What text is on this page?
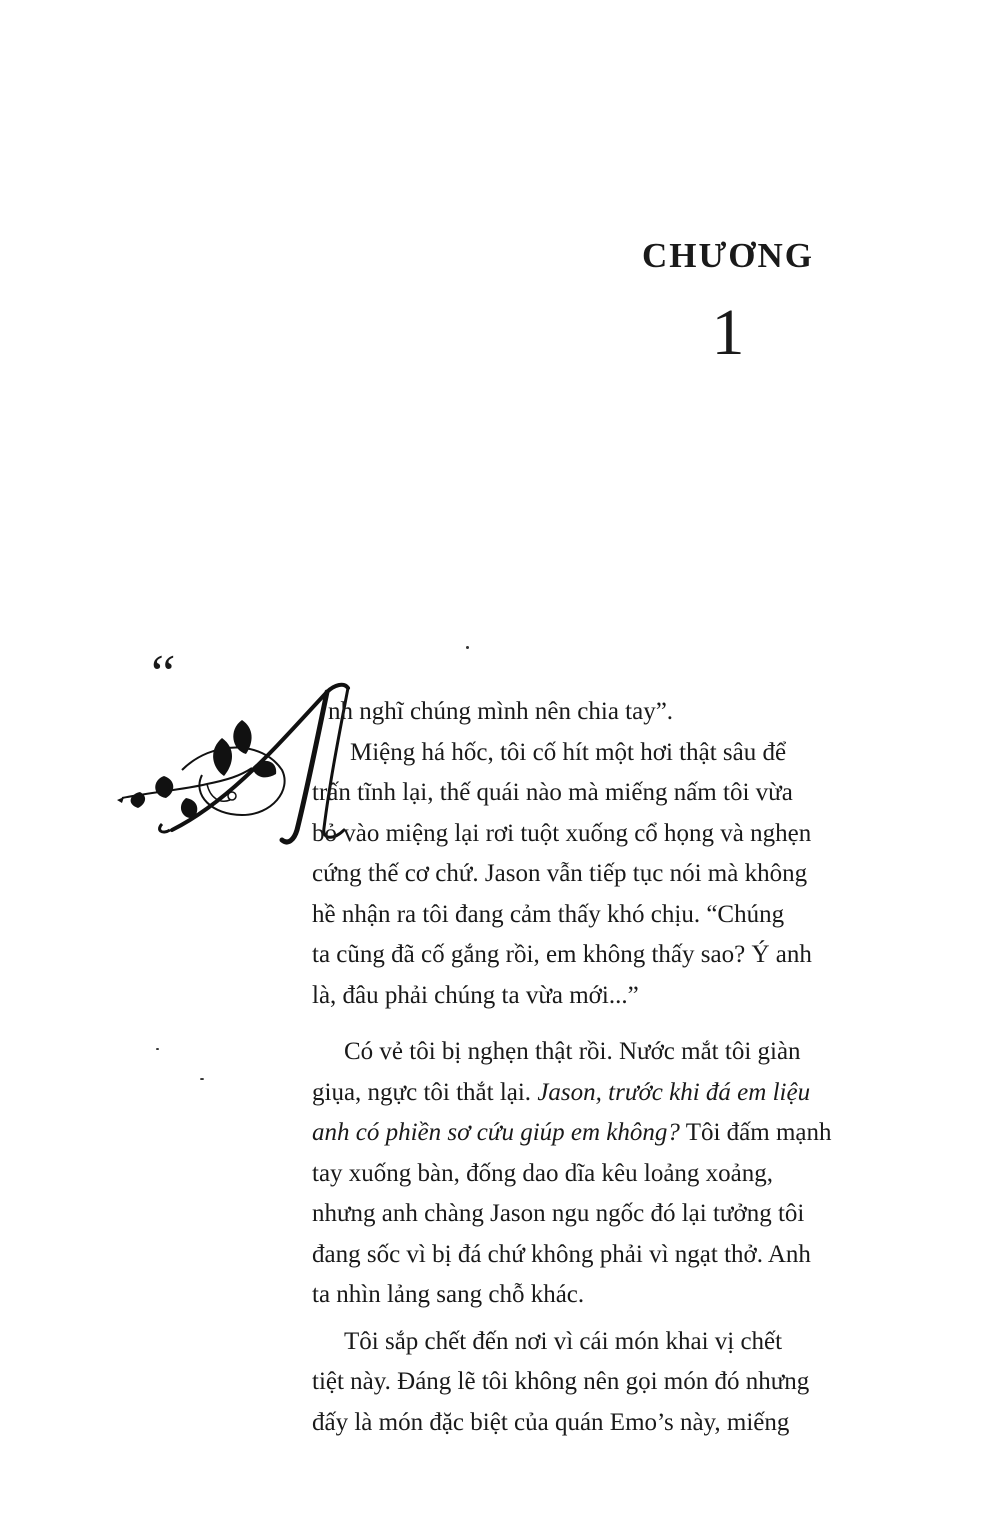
CHƯƠNG
1
‘‘
nh nghĩ chúng mình nên chia tay”.
Miệng há hốc, tôi cố hít một hơi thật sâu để
trấn tĩnh lại, thế quái nào mà miếng nấm tôi vừa
bỏ vào miệng lại rơi tuột xuống cổ họng và nghẹn
cứng thế cơ chứ. Jason vẫn tiếp tục nói mà không
hề nhận ra tôi đang cảm thấy khó chịu. “Chúng
ta cũng đã cố gắng rồi, em không thấy sao? Ý anh
là, đâu phải chúng ta vừa mới...”
Có vẻ tôi bị nghẹn thật rồi. Nước mắt tôi giàn
giụa, ngực tôi thắt lại. Jason, trước khi đá em liệu
anh có phiền sơ cứu giúp em không? Tôi đấm mạnh
tay xuống bàn, đống dao dĩa kêu loảng xoảng,
nhưng anh chàng Jason ngu ngốc đó lại tưởng tôi
đang sốc vì bị đá chứ không phải vì ngạt thở. Anh
ta nhìn lảng sang chỗ khác.
Tôi sắp chết đến nơi vì cái món khai vị chết
tiệt này. Đáng lẽ tôi không nên gọi món đó nhưng
đấy là món đặc biệt của quán Emo’s này, miếng
